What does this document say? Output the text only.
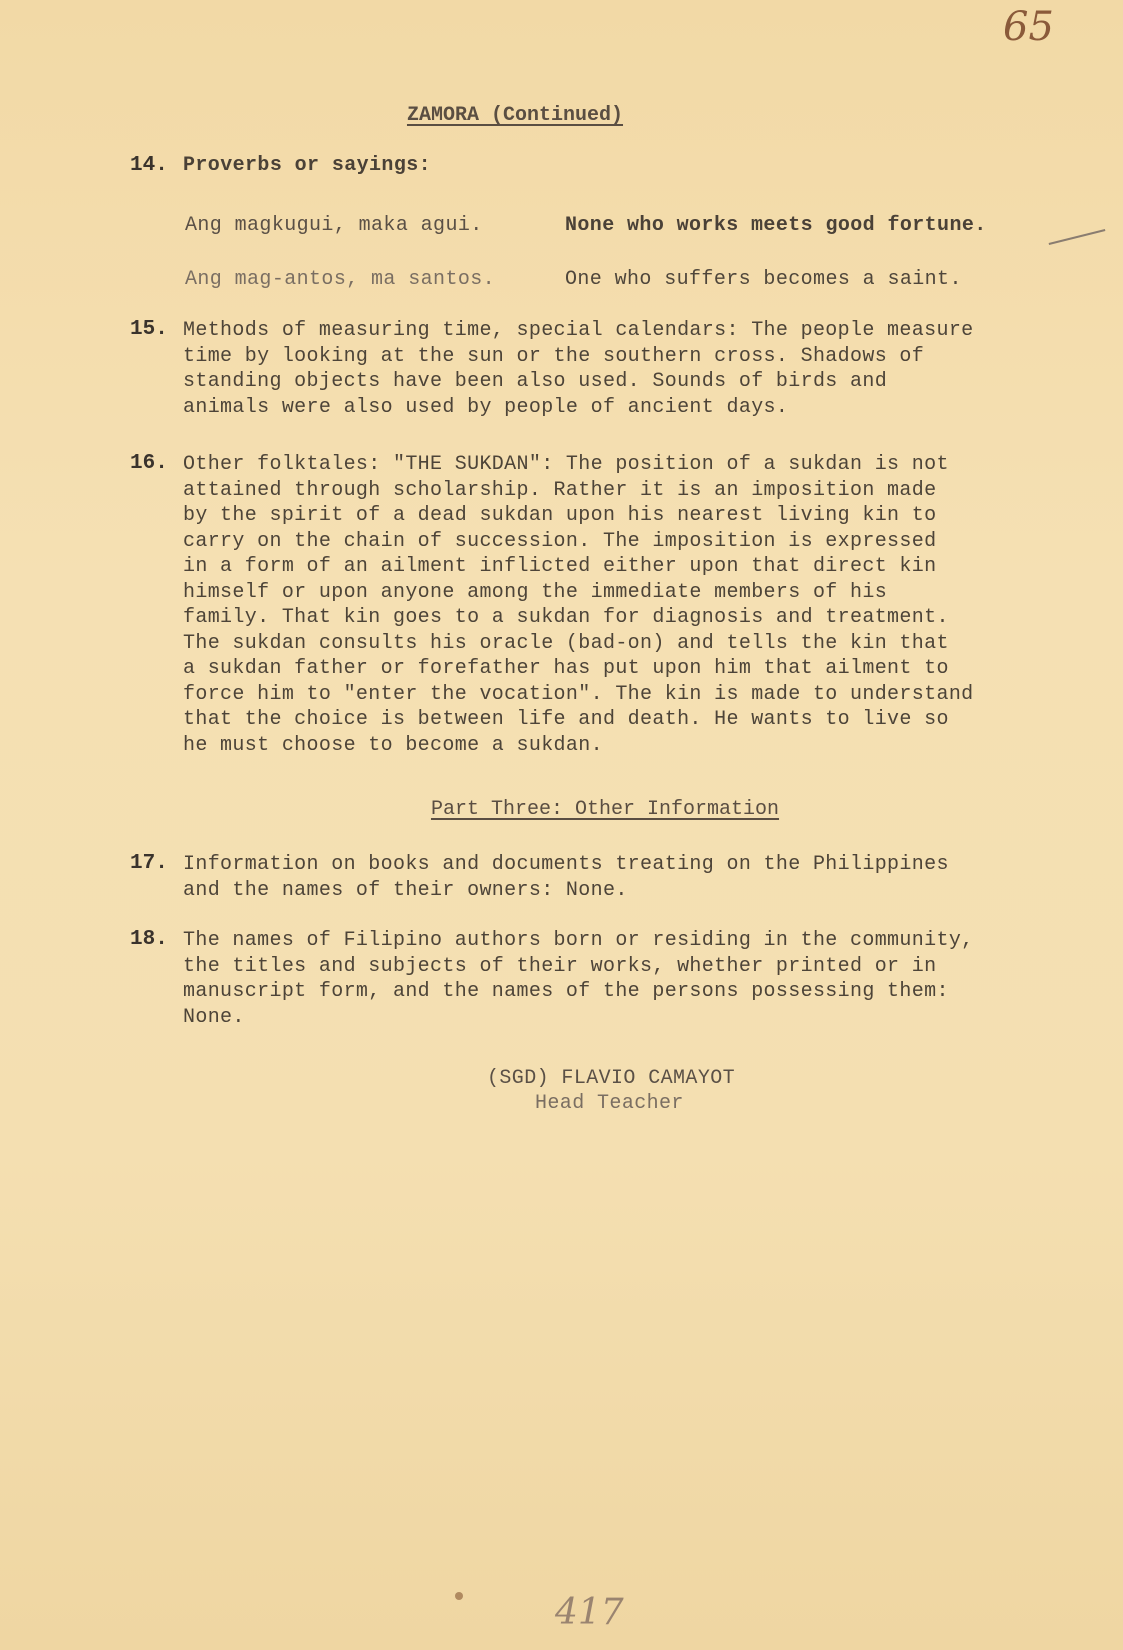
65
ZAMORA (Continued)
14. Proverbs or sayings:
Ang magkugui, maka agui.	None who works meets good fortune.
Ang mag-antos, ma santos.	One who suffers becomes a saint.
15. Methods of measuring time, special calendars: The people measure
time by looking at the sun or the southern cross. Shadows of
standing objects have been also used. Sounds of birds and
animals were also used by people of ancient days.
16. Other folktales: "THE SUKDAN": The position of a sukdan is not
attained through scholarship. Rather it is an imposition made
by the spirit of a dead sukdan upon his nearest living kin to
carry on the chain of succession. The imposition is expressed
in a form of an ailment inflicted either upon that direct kin
himself or upon anyone among the immediate members of his
family. That kin goes to a sukdan for diagnosis and treatment.
The sukdan consults his oracle (bad-on) and tells the kin that
a sukdan father or forefather has put upon him that ailment to
force him to "enter the vocation". The kin is made to understand
that the choice is between life and death. He wants to live so
he must choose to become a sukdan.
Part Three: Other Information
17. Information on books and documents treating on the Philippines
and the names of their owners: None.
18. The names of Filipino authors born or residing in the community,
the titles and subjects of their works, whether printed or in
manuscript form, and the names of the persons possessing them:
None.
(SGD) FLAVIO CAMAYOT
Head Teacher
417
